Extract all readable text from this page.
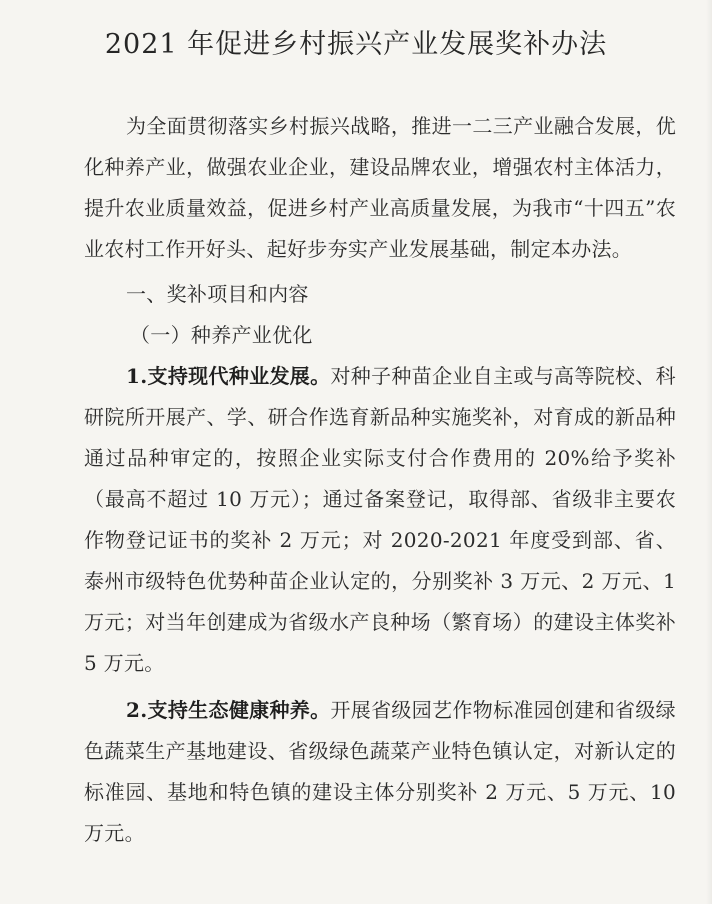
2021 年促进乡村振兴产业发展奖补办法

为全面贯彻落实乡村振兴战略，推进一二三产业融合发展，优化种养产业，做强农业企业，建设品牌农业，增强农村主体活力，提升农业质量效益，促进乡村产业高质量发展，为我市“十四五”农业农村工作开好头、起好步夯实产业发展基础，制定本办法。

一、奖补项目和内容

（一）种养产业优化

1.支持现代种业发展。对种子种苗企业自主或与高等院校、科研院所开展产、学、研合作选育新品种实施奖补，对育成的新品种通过品种审定的，按照企业实际支付合作费用的 20%给予奖补（最高不超过 10 万元）；通过备案登记，取得部、省级非主要农作物登记证书的奖补 2 万元；对 2020-2021 年度受到部、省、泰州市级特色优势种苗企业认定的，分别奖补 3 万元、2 万元、1 万元；对当年创建成为省级水产良种场（繁育场）的建设主体奖补 5 万元。

2.支持生态健康种养。开展省级园艺作物标准园创建和省级绿色蔬菜生产基地建设、省级绿色蔬菜产业特色镇认定，对新认定的标准园、基地和特色镇的建设主体分别奖补 2 万元、5 万元、10 万元。
